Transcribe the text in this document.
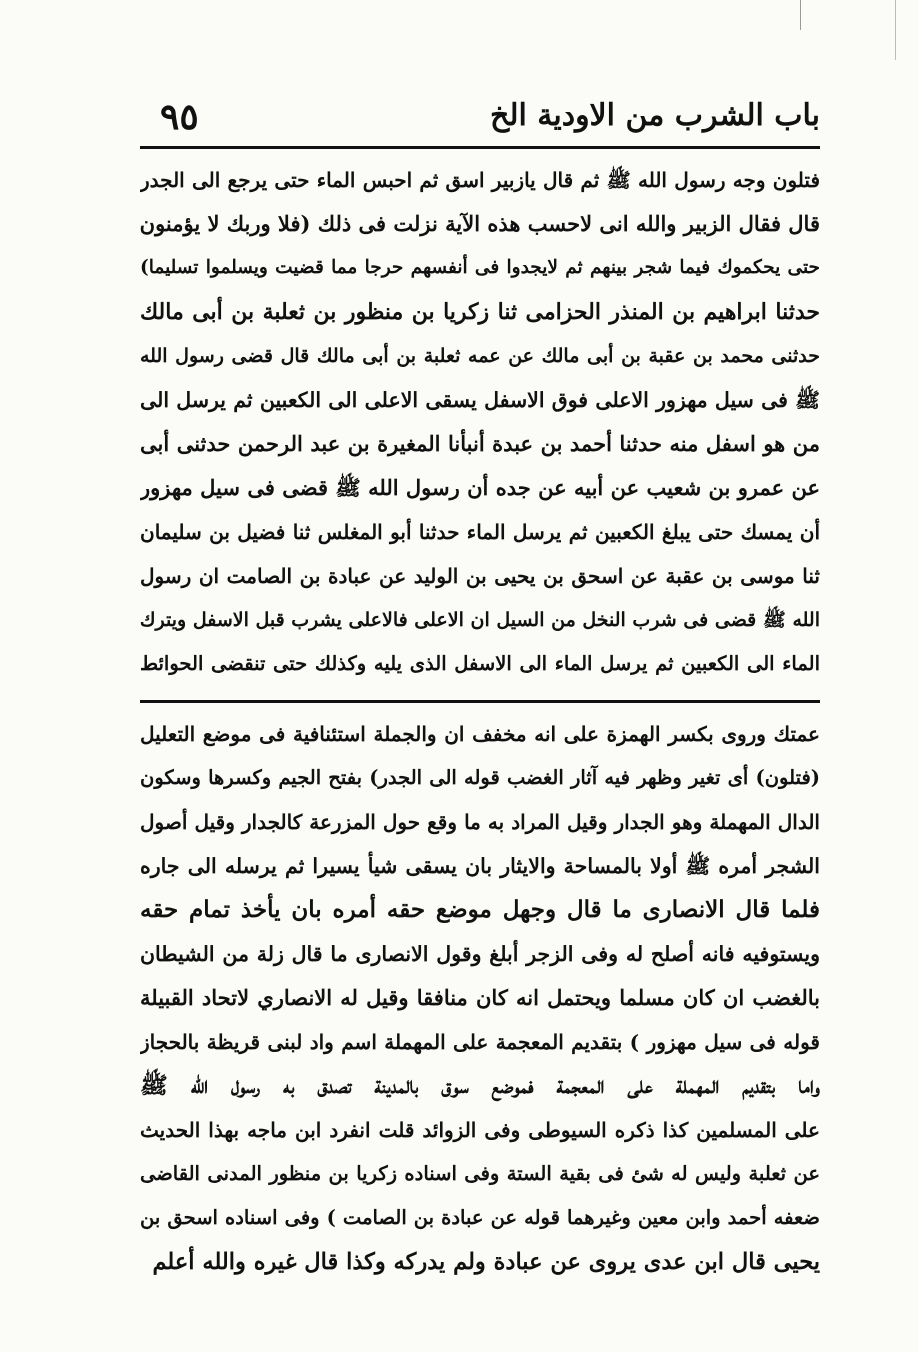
باب الشرب من الاودية الخ
٩٥
فتلون وجه رسول الله ﷺ ثم قال يازبير اسق ثم احبس الماء حتى يرجع الى الجدر
قال فقال الزبير والله انى لاحسب هذه الآية نزلت فى ذلك (فلا وربك لا يؤمنون
حتى يحكموك فيما شجر بينهم ثم لايجدوا فى أنفسهم حرجا مما قضيت ويسلموا تسليما)
حدثنا ابراهيم بن المنذر الحزامى ثنا زكريا بن منظور بن ثعلبة بن أبى مالك
حدثنى محمد بن عقبة بن أبى مالك عن عمه ثعلبة بن أبى مالك قال قضى رسول الله
ﷺ فى سيل مهزور الاعلى فوق الاسفل يسقى الاعلى الى الكعبين ثم يرسل الى
من هو اسفل منه حدثنا أحمد بن عبدة أنبأنا المغيرة بن عبد الرحمن حدثنى أبى
عن عمرو بن شعيب عن أبيه عن جده أن رسول الله ﷺ قضى فى سيل مهزور
أن يمسك حتى يبلغ الكعبين ثم يرسل الماء حدثنا أبو المغلس ثنا فضيل بن سليمان
ثنا موسى بن عقبة عن اسحق بن يحيى بن الوليد عن عبادة بن الصامت ان رسول
الله ﷺ قضى فى شرب النخل من السيل ان الاعلى فالاعلى يشرب قبل الاسفل ويترك
الماء الى الكعبين ثم يرسل الماء الى الاسفل الذى يليه وكذلك حتى تنقضى الحوائط
عمتك وروى بكسر الهمزة على انه مخفف ان والجملة استئنافية فى موضع التعليل
(فتلون) أى تغير وظهر فيه آثار الغضب قوله الى الجدر) بفتح الجيم وكسرها وسكون
الدال المهملة وهو الجدار وقيل المراد به ما وقع حول المزرعة كالجدار وقيل أصول
الشجر أمره ﷺ أولا بالمساحة والايثار بان يسقى شيأ يسيرا ثم يرسله الى جاره
فلما قال الانصارى ما قال وجهل موضع حقه أمره بان يأخذ تمام حقه
ويستوفيه فانه أصلح له وفى الزجر أبلغ وقول الانصارى ما قال زلة من الشيطان
بالغضب ان كان مسلما ويحتمل انه كان منافقا وقيل له الانصاري لاتحاد القبيلة
قوله فى سيل مهزور ) بتقديم المعجمة على المهملة اسم واد لبنى قريظة بالحجاز
واما بتقديم المهملة على المعجمة فموضع سوق بالمدينة تصدق به رسول الله ﷺ
على المسلمين كذا ذكره السيوطى وفى الزوائد قلت انفرد ابن ماجه بهذا الحديث
عن ثعلبة وليس له شئ فى بقية الستة وفى اسناده زكريا بن منظور المدنى القاضى
ضعفه أحمد وابن معين وغيرهما قوله عن عبادة بن الصامت ) وفى اسناده اسحق بن
يحيى قال ابن عدى يروى عن عبادة ولم يدركه وكذا قال غيره والله أعلم
